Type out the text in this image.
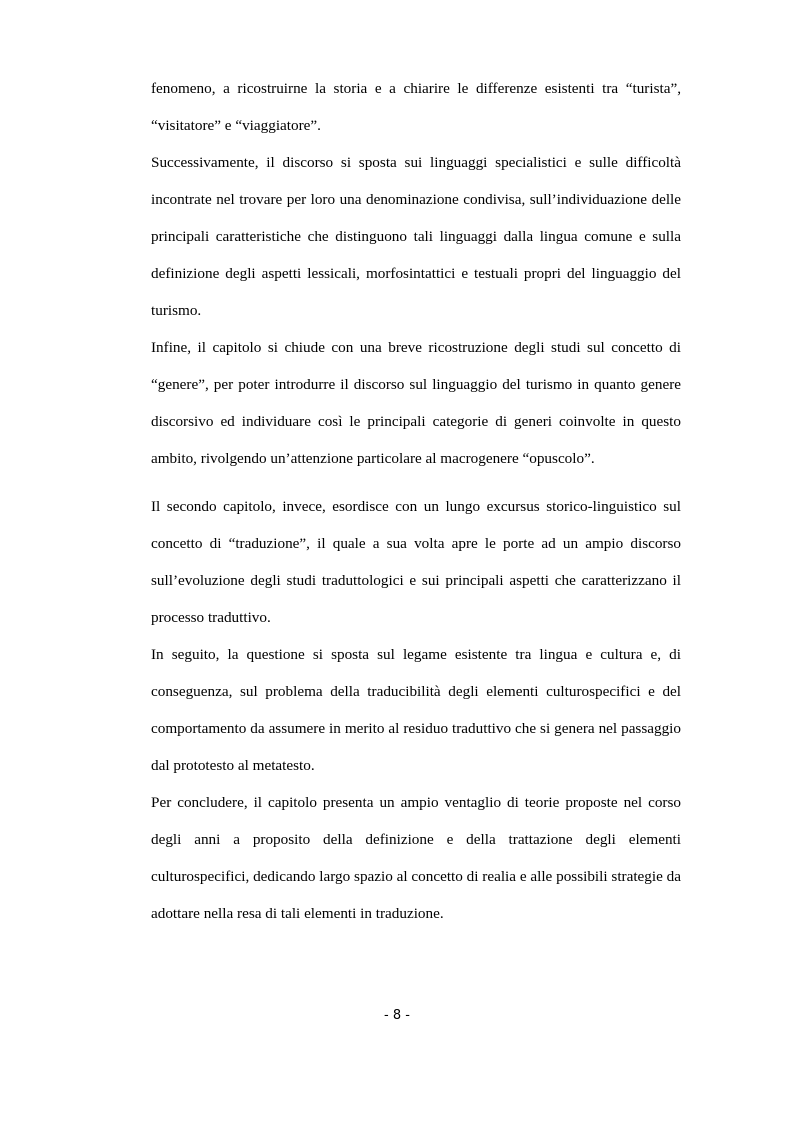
fenomeno, a ricostruirne la storia e a chiarire le differenze esistenti tra “turista”, “visitatore” e “viaggiatore”.

Successivamente, il discorso si sposta sui linguaggi specialistici e sulle difficoltà incontrate nel trovare per loro una denominazione condivisa, sull’individuazione delle principali caratteristiche che distinguono tali linguaggi dalla lingua comune e sulla definizione degli aspetti lessicali, morfosintattici e testuali propri del linguaggio del turismo.

Infine, il capitolo si chiude con una breve ricostruzione degli studi sul concetto di “genere”, per poter introdurre il discorso sul linguaggio del turismo in quanto genere discorsivo ed individuare così le principali categorie di generi coinvolte in questo ambito, rivolgendo un’attenzione particolare al macrogenere “opuscolo”.

Il secondo capitolo, invece, esordisce con un lungo excursus storico-linguistico sul concetto di “traduzione”, il quale a sua volta apre le porte ad un ampio discorso sull’evoluzione degli studi traduttologici e sui principali aspetti che caratterizzano il processo traduttivo.

In seguito, la questione si sposta sul legame esistente tra lingua e cultura e, di conseguenza, sul problema della traducibilità degli elementi culturospecifici e del comportamento da assumere in merito al residuo traduttivo che si genera nel passaggio dal prototesto al metatesto.

Per concludere, il capitolo presenta un ampio ventaglio di teorie proposte nel corso degli anni a proposito della definizione e della trattazione degli elementi culturospecifici, dedicando largo spazio al concetto di realia e alle possibili strategie da adottare nella resa di tali elementi in traduzione.

- 8 -
